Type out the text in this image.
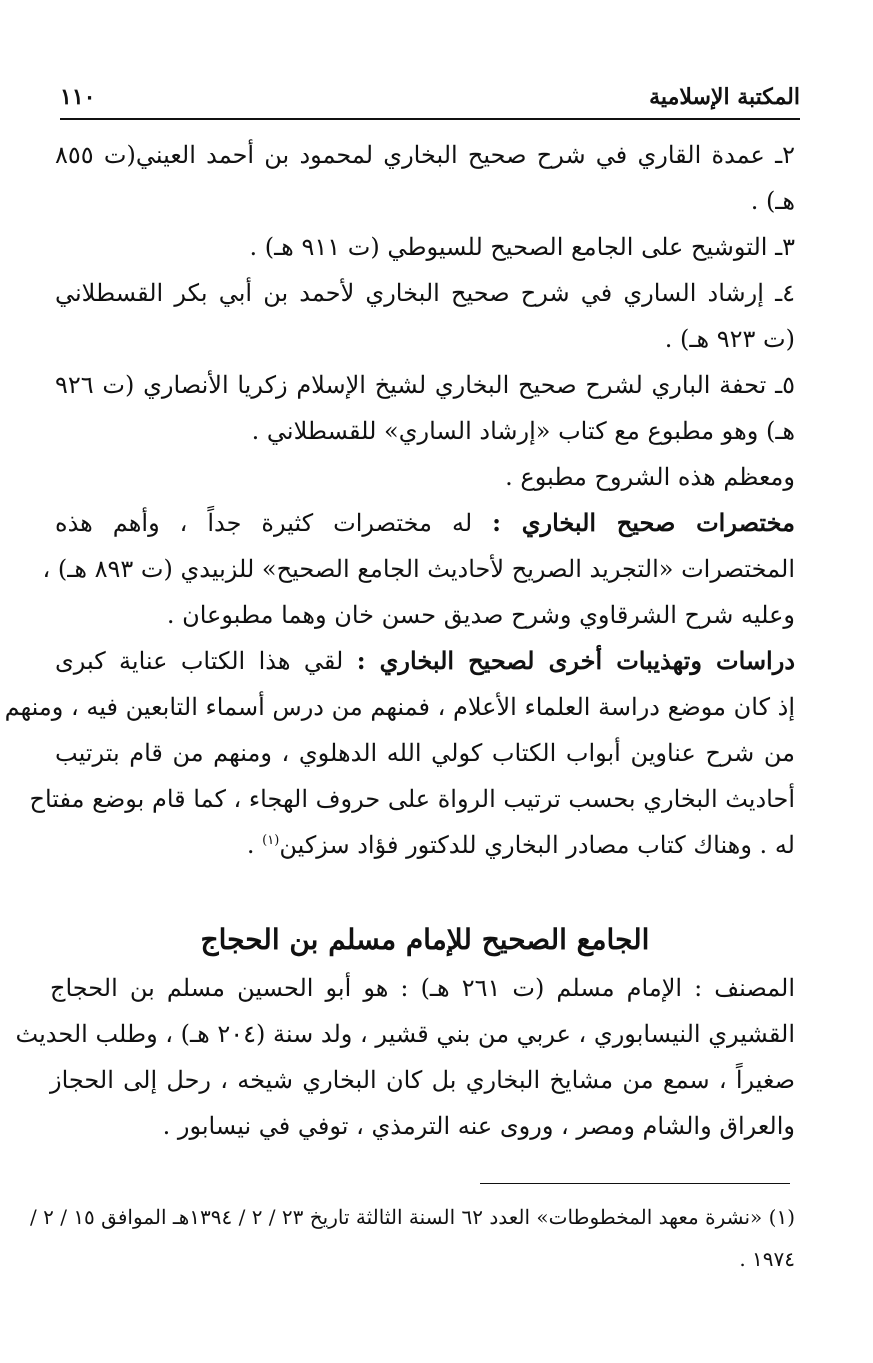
المكتبة الإسلامية
١١٠
٢ـ عمدة القاري في شرح صحيح البخاري لمحمود بن أحمد العيني(ت ٨٥٥
هـ) .
٣ـ التوشيح على الجامع الصحيح للسيوطي (ت ٩١١ هـ) .
٤ـ إرشاد الساري في شرح صحيح البخاري لأحمد بن أبي بكر القسطلاني
(ت ٩٢٣ هـ) .
٥ـ تحفة الباري لشرح صحيح البخاري لشيخ الإسلام زكريا الأنصاري (ت ٩٢٦
هـ) وهو مطبوع مع كتاب «إرشاد الساري» للقسطلاني .
ومعظم هذه الشروح مطبوع .
مختصرات صحيح البخاري : له مختصرات كثيرة جداً ، وأهم هذه
المختصرات «التجريد الصريح لأحاديث الجامع الصحيح» للزبيدي (ت ٨٩٣ هـ) ،
وعليه شرح الشرقاوي وشرح صديق حسن خان وهما مطبوعان .
دراسات وتهذيبات أخرى لصحيح البخاري : لقي هذا الكتاب عناية كبرى
إذ كان موضع دراسة العلماء الأعلام ، فمنهم من درس أسماء التابعين فيه ، ومنهم
من شرح عناوين أبواب الكتاب كولي الله الدهلوي ، ومنهم من قام بترتيب
أحاديث البخاري بحسب ترتيب الرواة على حروف الهجاء ، كما قام بوضع مفتاح
له . وهناك كتاب مصادر البخاري للدكتور فؤاد سزكين$^{(١)}$ .
الجامع الصحيح للإمام مسلم بن الحجاج
المصنف : الإمام مسلم (ت ٢٦١ هـ) : هو أبو الحسين مسلم بن الحجاج
القشيري النيسابوري ، عربي من بني قشير ، ولد سنة (٢٠٤ هـ) ، وطلب الحديث
صغيراً ، سمع من مشايخ البخاري بل كان البخاري شيخه ، رحل إلى الحجاز
والعراق والشام ومصر ، وروى عنه الترمذي ، توفي في نيسابور .
(١) «نشرة معهد المخطوطات» العدد ٦٢ السنة الثالثة تاريخ ٢٣ / ٢ / ١٣٩٤هـ الموافق ١٥ / ٢ /
١٩٧٤ .
